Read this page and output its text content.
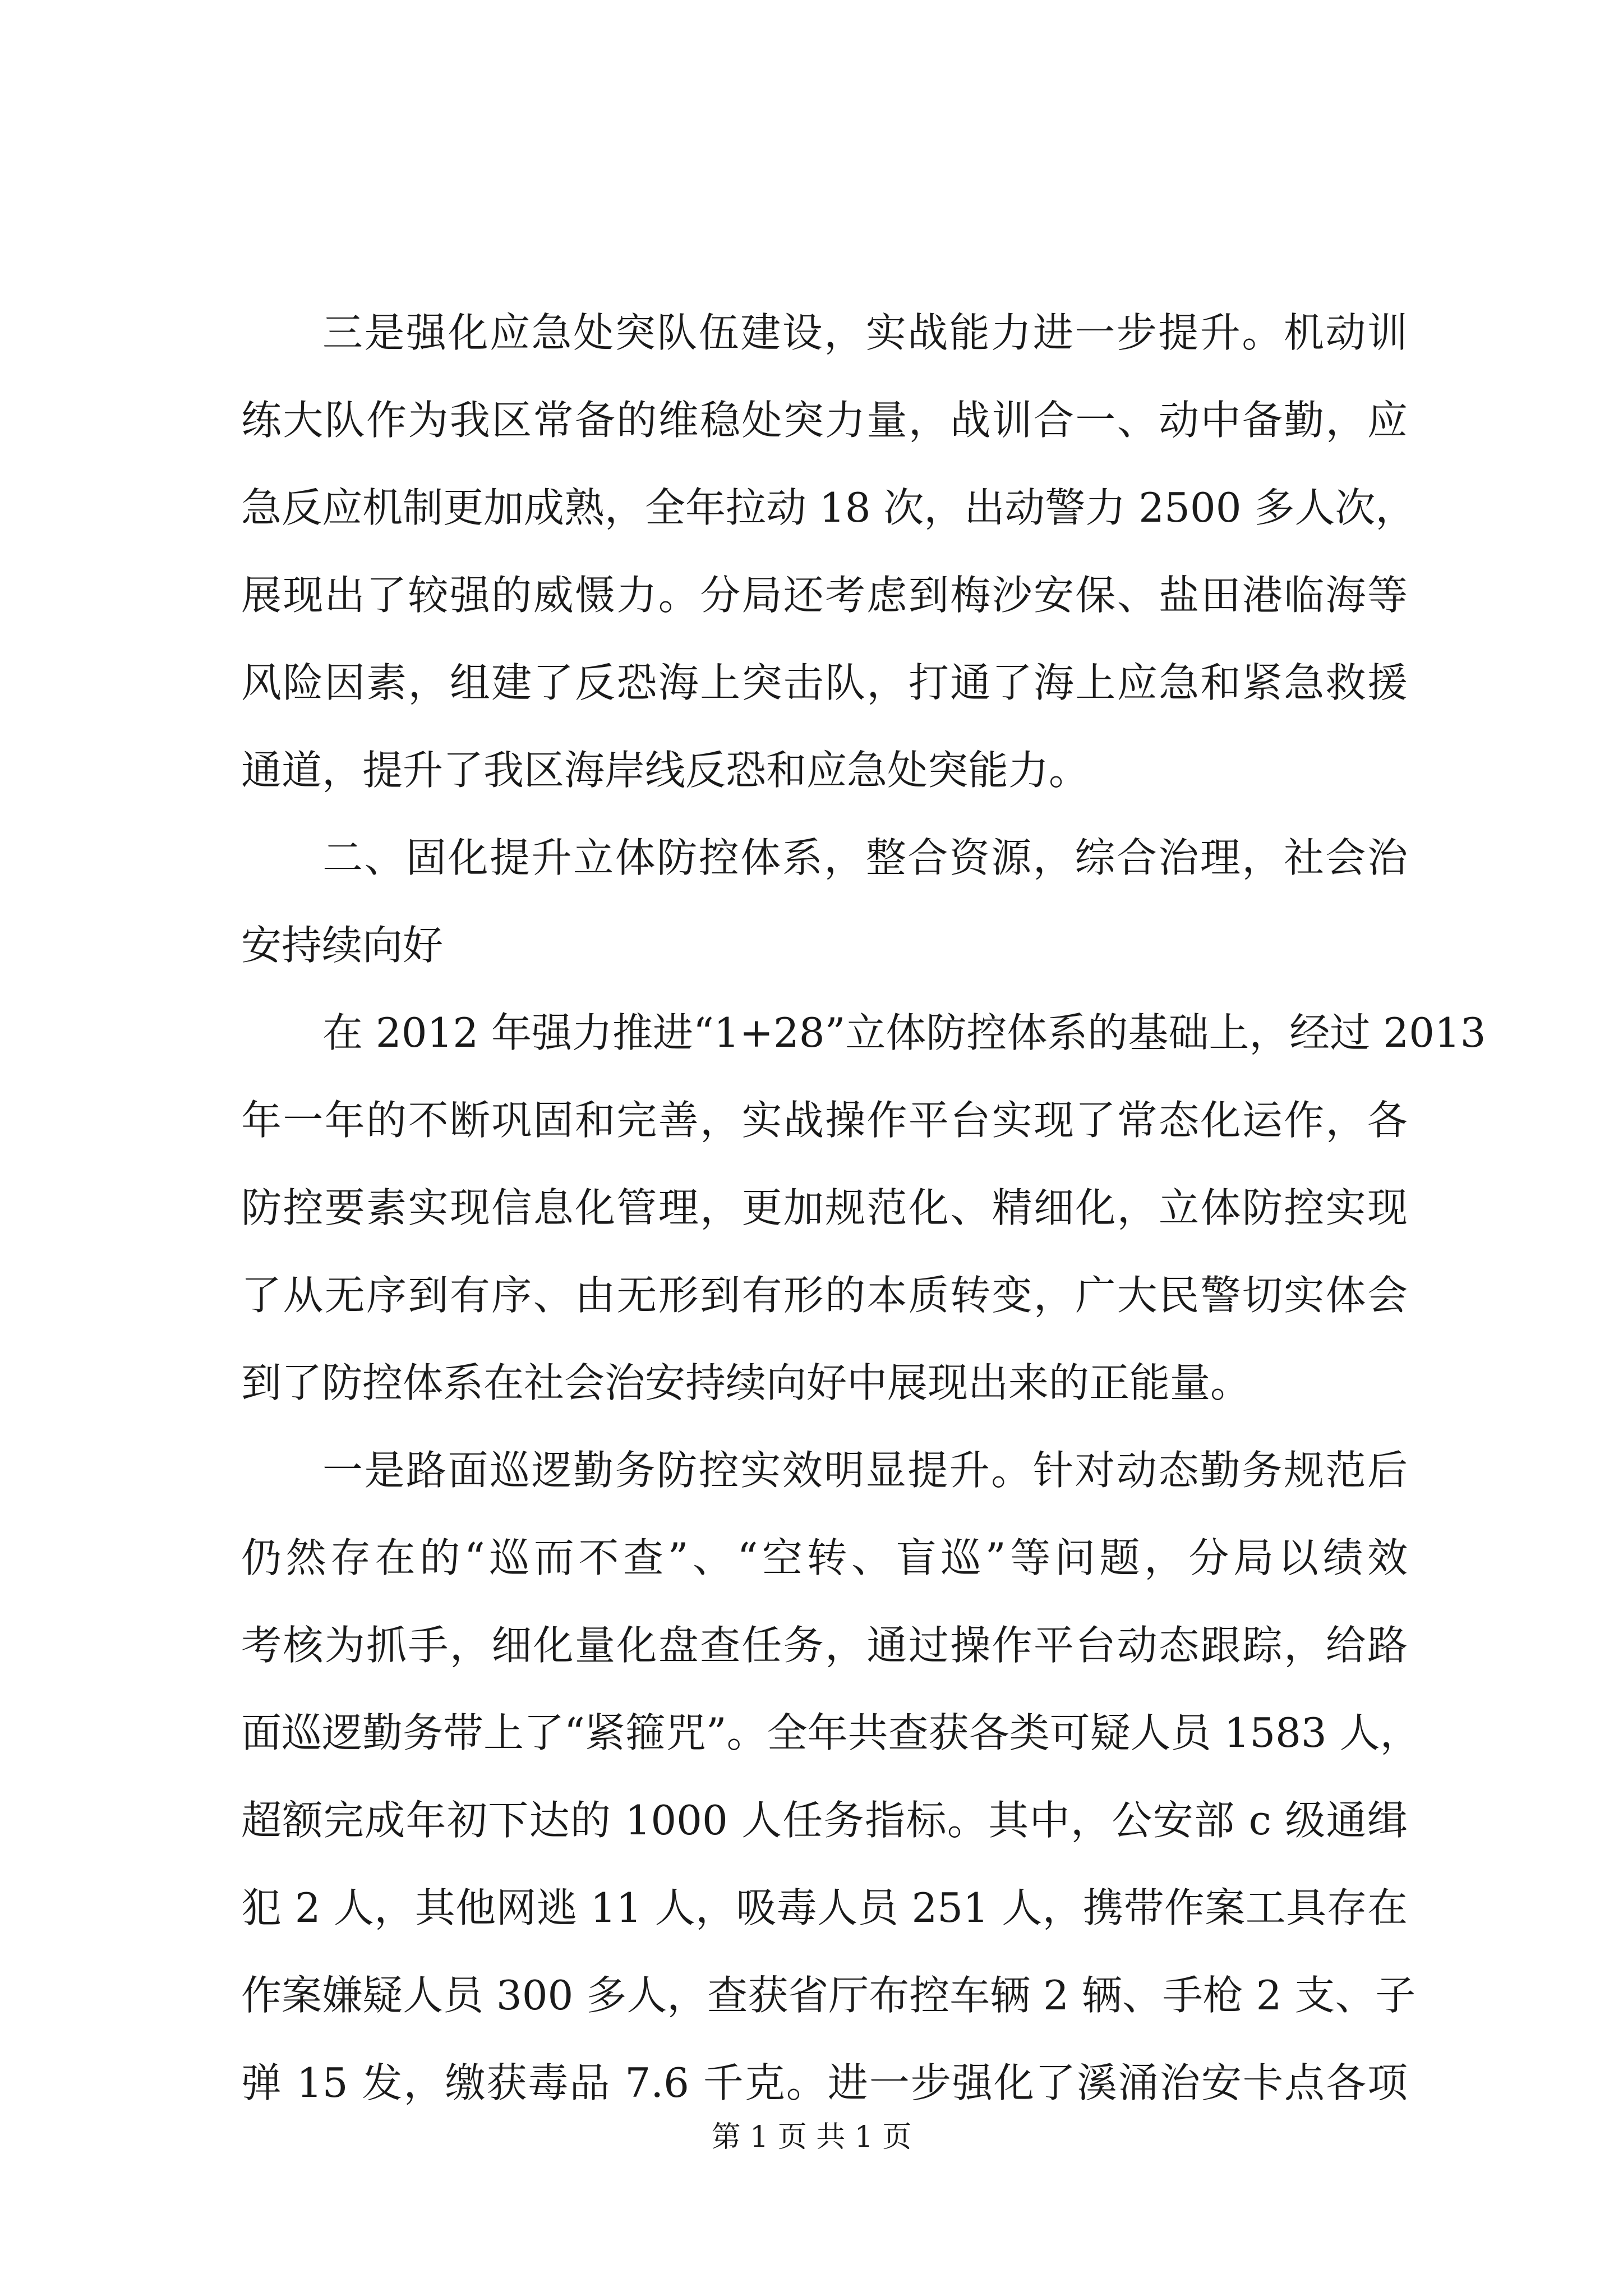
三是强化应急处突队伍建设，实战能力进一步提升。机动训
练大队作为我区常备的维稳处突力量，战训合一、动中备勤，应
急反应机制更加成熟，全年拉动 18 次，出动警力 2500 多人次，
展现出了较强的威慑力。分局还考虑到梅沙安保、盐田港临海等
风险因素，组建了反恐海上突击队，打通了海上应急和紧急救援
通道，提升了我区海岸线反恐和应急处突能力。
二、固化提升立体防控体系，整合资源，综合治理，社会治
安持续向好
在 2012 年强力推进“1+28”立体防控体系的基础上，经过 2013
年一年的不断巩固和完善，实战操作平台实现了常态化运作，各
防控要素实现信息化管理，更加规范化、精细化，立体防控实现
了从无序到有序、由无形到有形的本质转变，广大民警切实体会
到了防控体系在社会治安持续向好中展现出来的正能量。
一是路面巡逻勤务防控实效明显提升。针对动态勤务规范后
仍然存在的“巡而不查”、“空转、盲巡”等问题，分局以绩效
考核为抓手，细化量化盘查任务，通过操作平台动态跟踪，给路
面巡逻勤务带上了“紧箍咒”。全年共查获各类可疑人员 1583 人，
超额完成年初下达的 1000 人任务指标。其中，公安部 c 级通缉
犯 2 人，其他网逃 11 人，吸毒人员 251 人，携带作案工具存在
作案嫌疑人员 300 多人，查获省厅布控车辆 2 辆、手枪 2 支、子
弹 15 发，缴获毒品 7.6 千克。进一步强化了溪涌治安卡点各项
第 1 页 共 1 页
